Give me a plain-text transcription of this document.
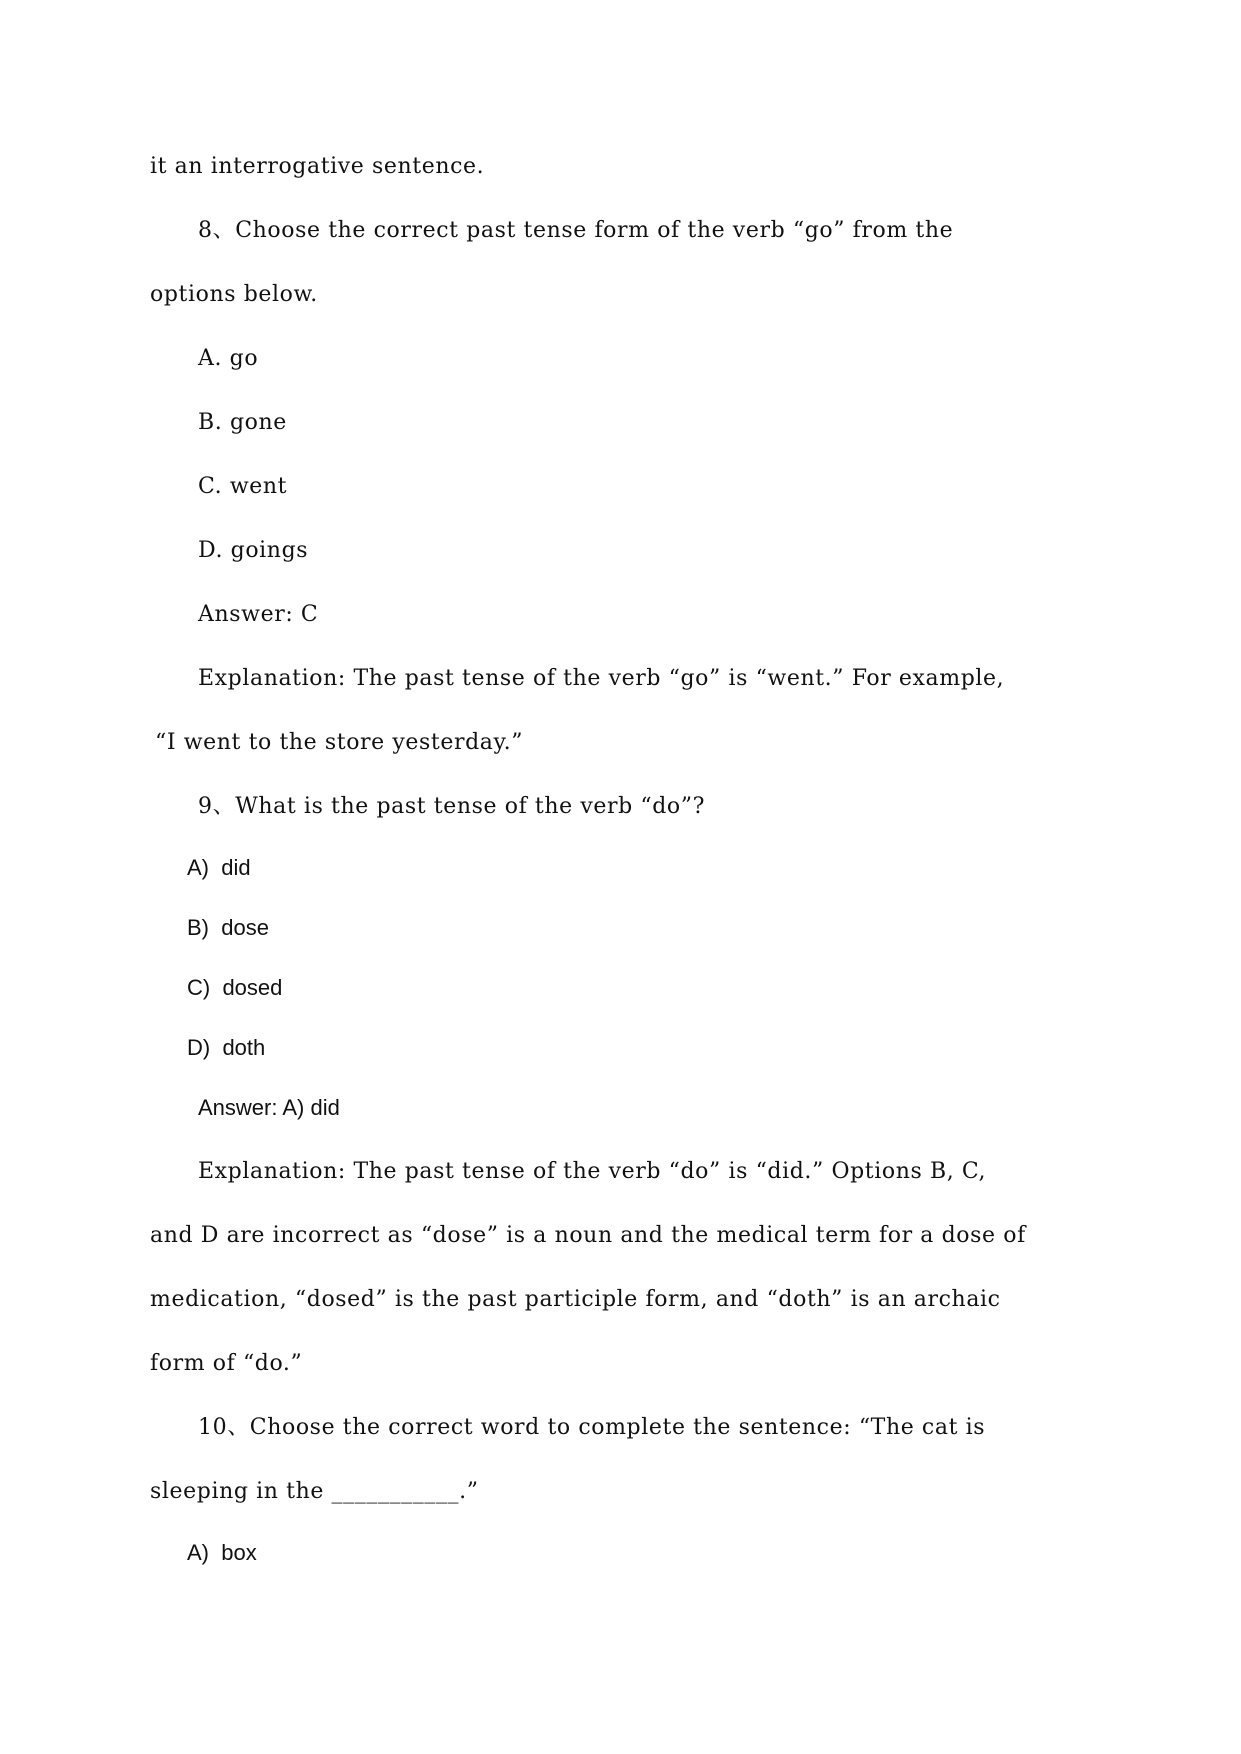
it an interrogative sentence.
8、Choose the correct past tense form of the verb “go” from the
options below.
A. go
B. gone
C. went
D. goings
Answer: C
Explanation: The past tense of the verb “go” is “went.” For example,
“I went to the store yesterday.”
9、What is the past tense of the verb “do”?
A)  did
B)  dose
C)  dosed
D)  doth
Answer: A) did
Explanation: The past tense of the verb “do” is “did.” Options B, C,
and D are incorrect as “dose” is a noun and the medical term for a dose of
medication, “dosed” is the past participle form, and “doth” is an archaic
form of “do.”
10、Choose the correct word to complete the sentence: “The cat is
sleeping in the ___________.”
A)  box
